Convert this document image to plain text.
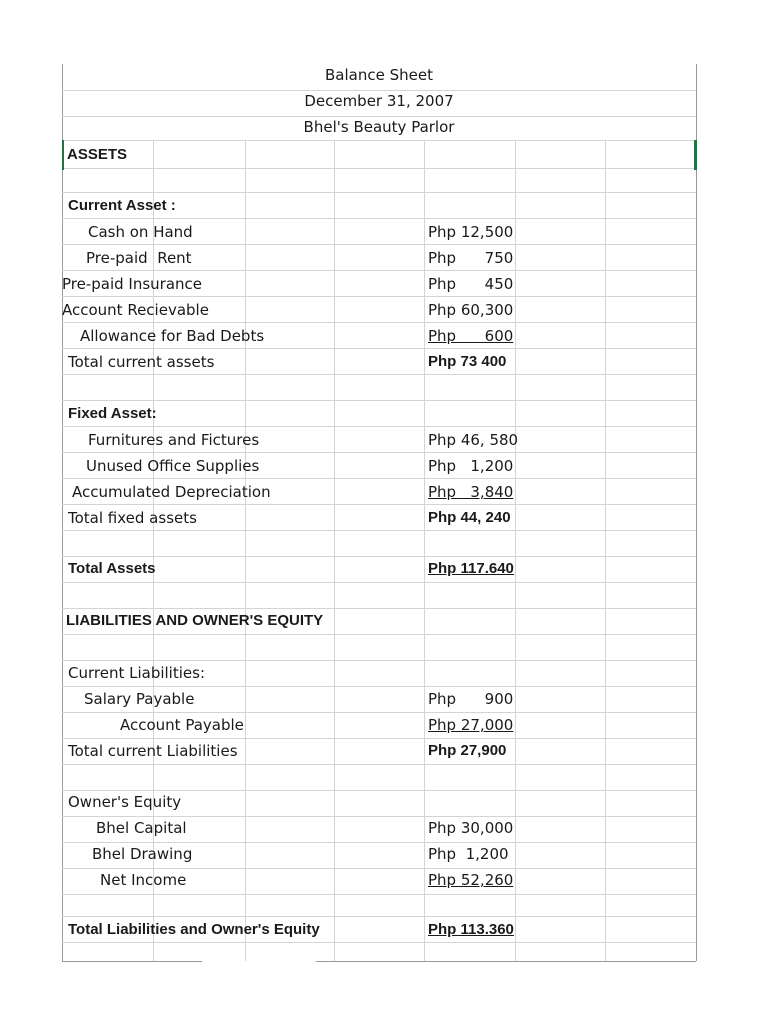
Balance Sheet
December 31, 2007
Bhel's Beauty Parlor
ASSETS
Current Asset :
Cash on Hand	Php 12,500
Pre-paid  Rent	Php      750
Pre-paid Insurance	Php      450
Account Recievable	Php 60,300
Allowance for Bad Debts	Php      600
Total current assets	Php 73 400
Fixed Asset:
Furnitures and Fictures	Php 46, 580
Unused Office Supplies	Php   1,200
Accumulated Depreciation	Php   3,840
Total fixed assets	Php 44, 240
Total Assets	Php 117.640
LIABILITIES AND OWNER'S EQUITY
Current Liabilities:
Salary Payable	Php      900
Account Payable	Php 27,000
Total current Liabilities	Php 27,900
Owner's Equity
Bhel Capital	Php 30,000
Bhel Drawing	Php  1,200
Net Income	Php 52,260
Total Liabilities and Owner's Equity	Php 113.360
